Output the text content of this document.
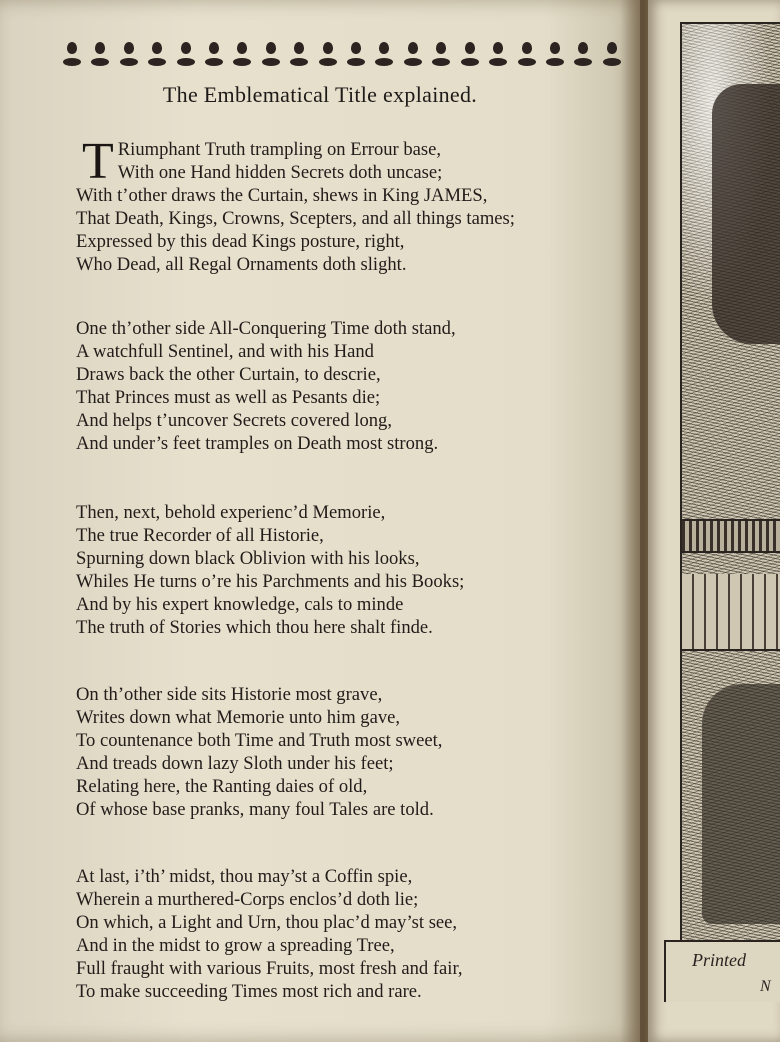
Printed
N
The Emblematical Title explained.
T Riumphant Truth trampling on Errour base,
With one Hand hidden Secrets doth uncase;
With t’other draws the Curtain, shews in King JAMES,
That Death, Kings, Crowns, Scepters, and all things tames;
Expressed by this dead Kings posture, right,
Who Dead, all Regal Ornaments doth slight.
One th’other side All-Conquering Time doth stand,
A watchfull Sentinel, and with his Hand
Draws back the other Curtain, to descrie,
That Princes must as well as Pesants die;
And helps t’uncover Secrets covered long,
And under’s feet tramples on Death most strong.
Then, next, behold experienc’d Memorie,
The true Recorder of all Historie,
Spurning down black Oblivion with his looks,
Whiles He turns o’re his Parchments and his Books;
And by his expert knowledge, cals to minde
The truth of Stories which thou here shalt finde.
On th’other side sits Historie most grave,
Writes down what Memorie unto him gave,
To countenance both Time and Truth most sweet,
And treads down lazy Sloth under his feet;
Relating here, the Ranting daies of old,
Of whose base pranks, many foul Tales are told.
At last, i’th’ midst, thou may’st a Coffin spie,
Wherein a murthered-Corps enclos’d doth lie;
On which, a Light and Urn, thou plac’d may’st see,
And in the midst to grow a spreading Tree,
Full fraught with various Fruits, most fresh and fair,
To make succeeding Times most rich and rare.
